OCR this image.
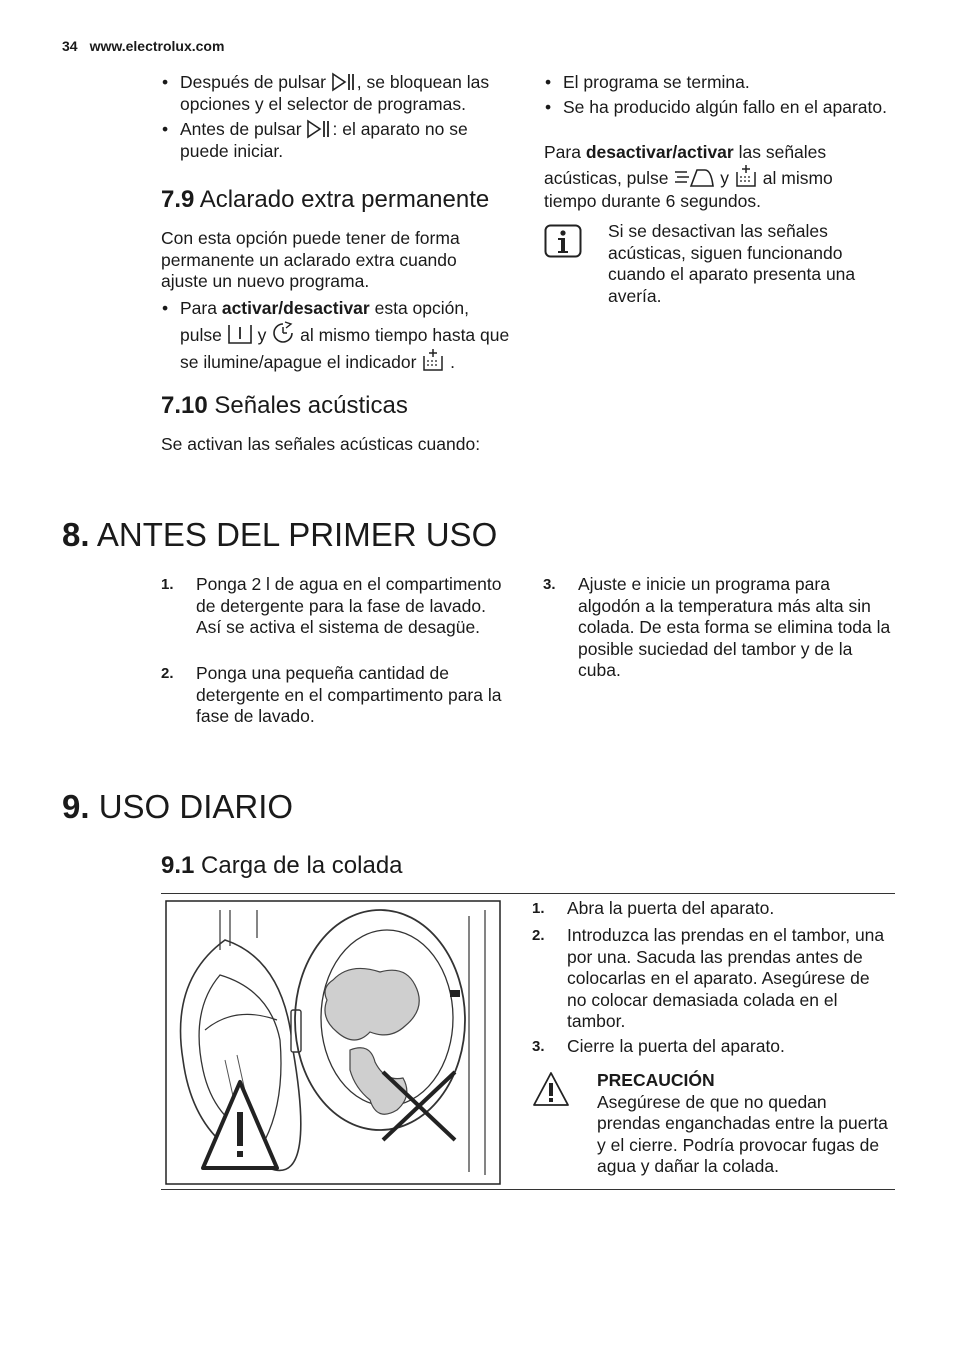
34 www.electrolux.com
• Después de pulsar , se bloquean las opciones y el selector de programas.
• Antes de pulsar : el aparato no se puede iniciar.
7.9 Aclarado extra permanente
Con esta opción puede tener de forma permanente un aclarado extra cuando ajuste un nuevo programa.
• Para activar/desactivar esta opción, pulse y al mismo tiempo hasta que se ilumine/apague el indicador .
7.10 Señales acústicas
Se activan las señales acústicas cuando:
• El programa se termina.
• Se ha producido algún fallo en el aparato.
Para desactivar/activar las señales acústicas, pulse	y al mismo tiempo durante 6 segundos.
Si se desactivan las señales acústicas, siguen funcionando cuando el aparato presenta una avería.
8. ANTES DEL PRIMER USO
1. Ponga 2 l de agua en el compartimento de detergente para la fase de lavado. Así se activa el sistema de desagüe.
2. Ponga una pequeña cantidad de detergente en el compartimento para la fase de lavado.
3. Ajuste e inicie un programa para algodón a la temperatura más alta sin colada. De esta forma se elimina toda la posible suciedad del tambor y de la cuba.
9. USO DIARIO
9.1 Carga de la colada
1. Abra la puerta del aparato.
2. Introduzca las prendas en el tambor, una por una. Sacuda las prendas antes de colocarlas en el aparato. Asegúrese de no colocar demasiada colada en el tambor.
3. Cierre la puerta del aparato.
PRECAUCIÓN
Asegúrese de que no quedan prendas enganchadas entre la puerta y el cierre. Podría provocar fugas de agua y dañar la colada.
